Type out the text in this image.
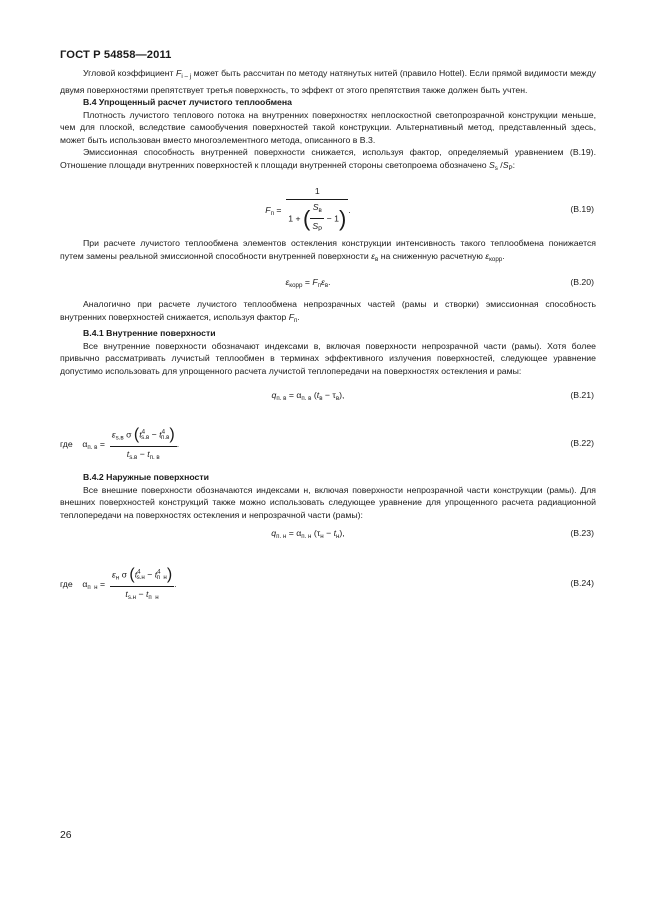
ГОСТ Р 54858—2011

Угловой коэффициент $F_{i - j}$ может быть рассчитан по методу натянутых нитей (правило Hottel). Если прямой видимости между двумя поверхностями препятствует третья поверхность, то эффект от этого препятствия также должен быть учтен.

В.4 Упрощенный расчет лучистого теплообмена

Плотность лучистого теплового потока на внутренних поверхностях неплоскостной светопрозрачной конструкции меньше, чем для плоской, вследствие самообучения поверхностей такой конструкции. Альтернативный метод, представленный здесь, может быть использован вместо многоэлементного метода, описанного в В.3.

Эмиссионная способность внутренней поверхности снижается, используя фактор, определяемый уравнением (В.19). Отношение площади внутренних поверхностей к площади внутренней стороны светопроема обозначено $S_s$ $/S_P$:

$F_п = \frac{1}{1 + ( \frac{S_в}{S_P} - 1)}$ .	(В.19)

При расчете лучистого теплообмена элементов остекления конструкции интенсивность такого теплообмена понижается путем замены реальной эмиссионной способности внутренней поверхности $\varepsilon_в$ на сниженную расчетную $\varepsilon_{корр}$.

$\varepsilon_{корр} = F_п\varepsilon_в$.	(В.20)

Аналогично при расчете лучистого теплообмена непрозрачных частей (рамы и створки) эмиссионная способность внутренних поверхностей снижается, используя фактор $F_п$.

В.4.1 Внутренние поверхности

Все внутренние поверхности обозначают индексами в, включая поверхности непрозрачной части (рамы). Хотя более привычно рассматривать лучистый теплообмен в терминах эффективного излучения поверхностей, следующее уравнение допустимо использовать для упрощенного расчета лучистой теплопередачи на поверхностях остекления и рамы:

$q_{п. в} = \alpha_{п. в}$ $(t_в - \tau_в)$,	(В.21)
где $\alpha_{п. в} = \frac{\varepsilon_{s.в} \sigma (t^4_{s.в} - t^4_{п.в})}{t_{s.в} - t_{п. в}}$ .	(В.22)
В.4.2 Наружные поверхности

Все внешние поверхности обозначаются индексами н, включая поверхности непрозрачной части конструкции (рамы). Для внешних поверхностей конструкций также можно использовать следующее уравнение для упрощенного расчета радиационной теплопередачи на поверхностях остекления и непрозрачной части (рамы):

$q_{п. н} = \alpha_{п. н}$ $(\tau_н - t_н)$,	(В.23)
где $\alpha_{п н} = \frac{\varepsilon_н \sigma (t^4_{s.н} - t^4_{п н})}{t_{s.н} - t_{п н}}$ .	(В.24)
26
